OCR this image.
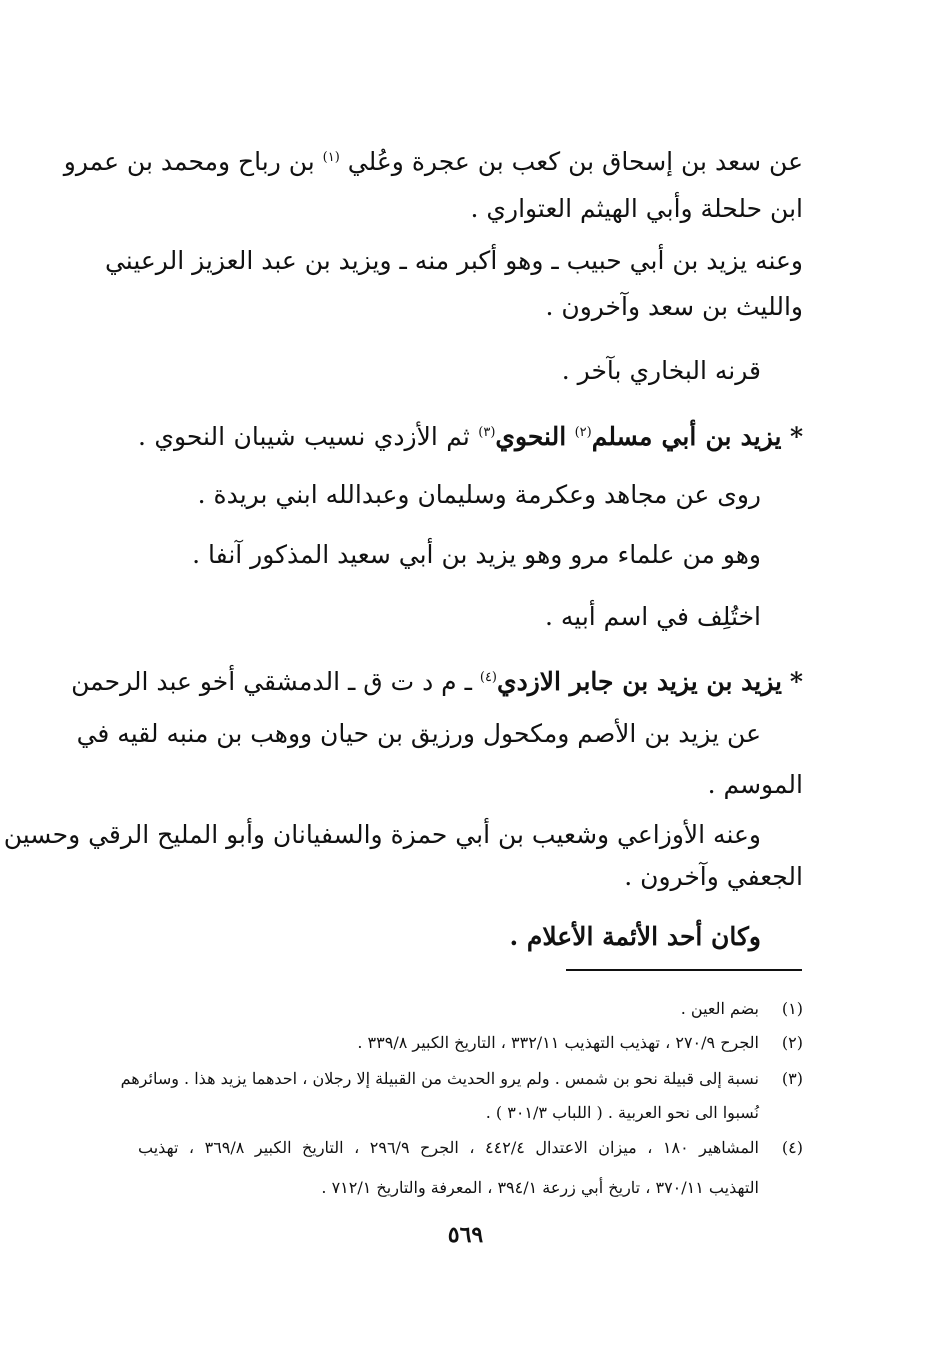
عن سعد بن إسحاق بن كعب بن عجرة وعُلي $^{(١)}$ بن رباح ومحمد بن عمرو
ابن حلحلة وأبي الهيثم العتواري .
وعنه يزيد بن أبي حبيب ـ وهو أكبر منه ـ ويزيد بن عبد العزيز الرعيني
والليث بن سعد وآخرون .
قرنه البخاري بآخر .
* يزيد بن أبي مسلم$^{(٢)}$ النحوي$^{(٣)}$ ثم الأزدي نسيب شيبان النحوي .
روى عن مجاهد وعكرمة وسليمان وعبدالله ابني بريدة .
وهو من علماء مرو وهو يزيد بن أبي سعيد المذكور آنفا .
اختُلِف في اسم أبيه .
* يزيد بن يزيد بن جابر الازدي$^{(٤)}$ ـ م د ت ق ـ الدمشقي أخو عبد الرحمن
عن يزيد بن الأصم ومكحول ورزيق بن حيان ووهب بن منبه لقيه في
الموسم .
وعنه الأوزاعي وشعيب بن أبي حمزة والسفيانان وأبو المليح الرقي وحسين
الجعفي وآخرون .
وكان أحد الأئمة الأعلام .
(١)
بضم العين .
(٢)
الجرح ٢٧٠/٩ ، تهذيب التهذيب ٣٣٢/١١ ، التاريخ الكبير ٣٣٩/٨ .
(٣)
نسبة إلى قبيلة نحو بن شمس . ولم يرو الحديث من القبيلة إلا رجلان ، احدهما يزيد هذا . وسائرهم
نُسبوا الى نحو العربية . ( اللباب ٣٠١/٣ ) .
(٤)
المشاهير ١٨٠ ، ميزان الاعتدال ٤٤٢/٤ ، الجرح ٢٩٦/٩ ، التاريخ الكبير ٣٦٩/٨ ، تهذيب
التهذيب ٣٧٠/١١ ، تاريخ أبي زرعة ٣٩٤/١ ، المعرفة والتاريخ ٧١٢/١ .
٥٦٩
